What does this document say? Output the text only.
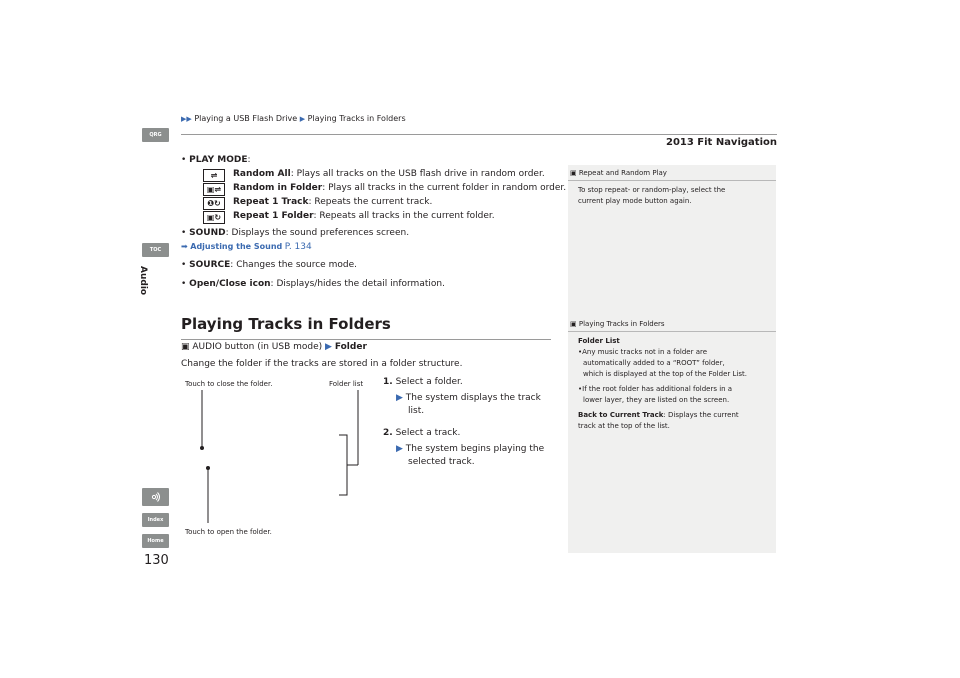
▶▶ Playing a USB Flash Drive ▶ Playing Tracks in Folders
2013 Fit Navigation
QRG
TOC
Audio
Index
Home
130
• PLAY MODE:
⇌ Random All: Plays all tracks on the USB flash drive in random order.
▣⇌ Random in Folder: Plays all tracks in the current folder in random order.
❶↻ Repeat 1 Track: Repeats the current track.
▣↻ Repeat 1 Folder: Repeats all tracks in the current folder.
• SOUND: Displays the sound preferences screen.
➡ Adjusting the Sound P. 134
• SOURCE: Changes the source mode.
• Open/Close icon: Displays/hides the detail information.
Playing Tracks in Folders
▣ AUDIO button (in USB mode) ▶ Folder
Change the folder if the tracks are stored in a folder structure.
Touch to close the folder.	Folder list
Touch to open the folder.
1. Select a folder.
▶ The system displays the track
list.
2. Select a track.
▶ The system begins playing the
selected track.
▣ Repeat and Random Play
To stop repeat- or random-play, select the
current play mode button again.
▣ Playing Tracks in Folders
Folder List
•Any music tracks not in a folder are
automatically added to a “ROOT” folder,
which is displayed at the top of the Folder List.
•If the root folder has additional folders in a
lower layer, they are listed on the screen.
Back to Current Track: Displays the current
track at the top of the list.
